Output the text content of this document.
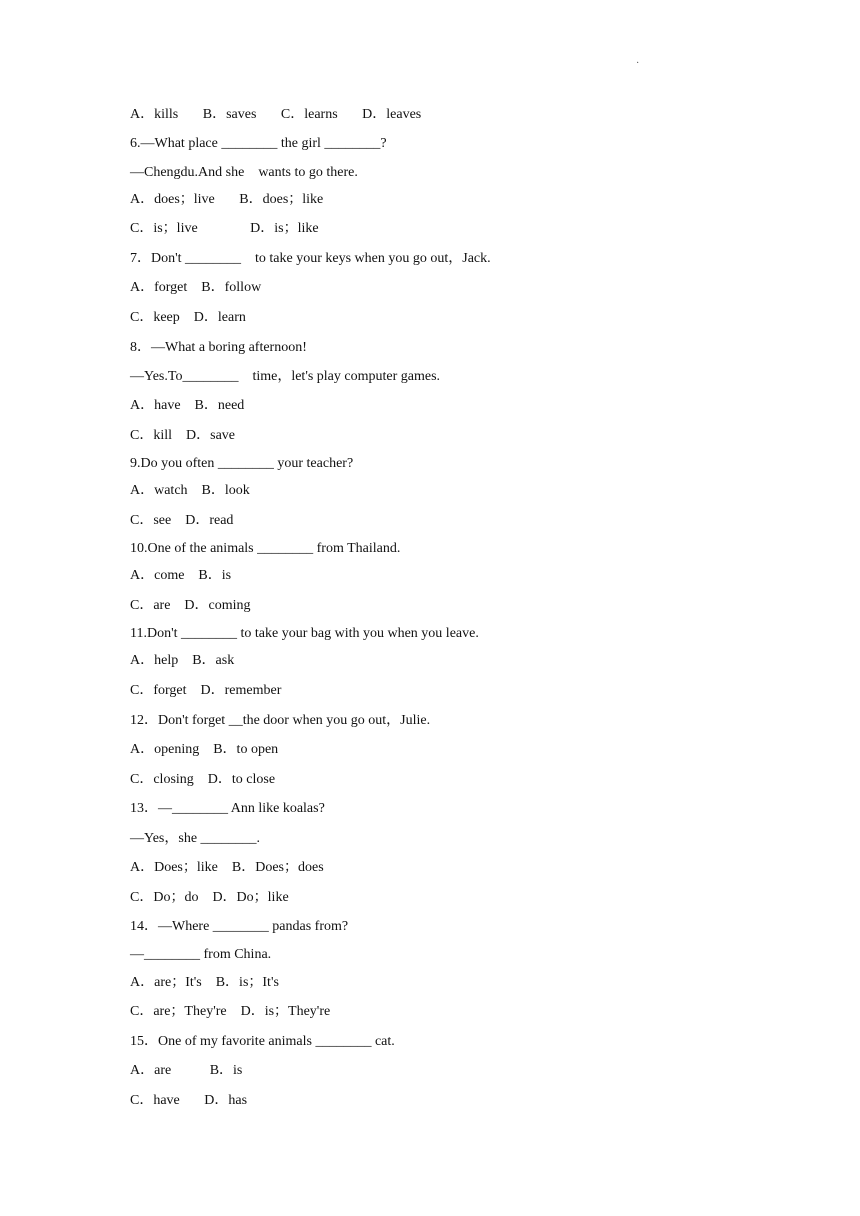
·
A．kills       B．saves       C．learns       D．leaves
6.—What place ________ the girl ________?
—Chengdu.And she    wants to go there.
A．does；live       B．does；like
C．is；live               D．is；like
7．Don't ________    to take your keys when you go out，Jack.
A．forget    B．follow
C．keep    D．learn
8．—What a boring afternoon!
—Yes.To________    time，let's play computer games.
A．have    B．need
C．kill    D．save
9.Do you often ________ your teacher?
A．watch    B．look
C．see    D．read
10.One of the animals ________ from Thailand.
A．come    B．is
C．are    D．coming
11.Don't ________ to take your bag with you when you leave.
A．help    B．ask
C．forget    D．remember
12．Don't forget __the door when you go out，Julie.
A．opening    B．to open
C．closing    D．to close
13．—________ Ann like koalas?
—Yes，she ________.
A．Does；like    B．Does；does
C．Do；do    D．Do；like
14．—Where ________ pandas from?
—________ from China.
A．are；It's    B．is；It's
C．are；They're    D．is；They're
15．One of my favorite animals ________ cat.
A．are           B．is
C．have       D．has
